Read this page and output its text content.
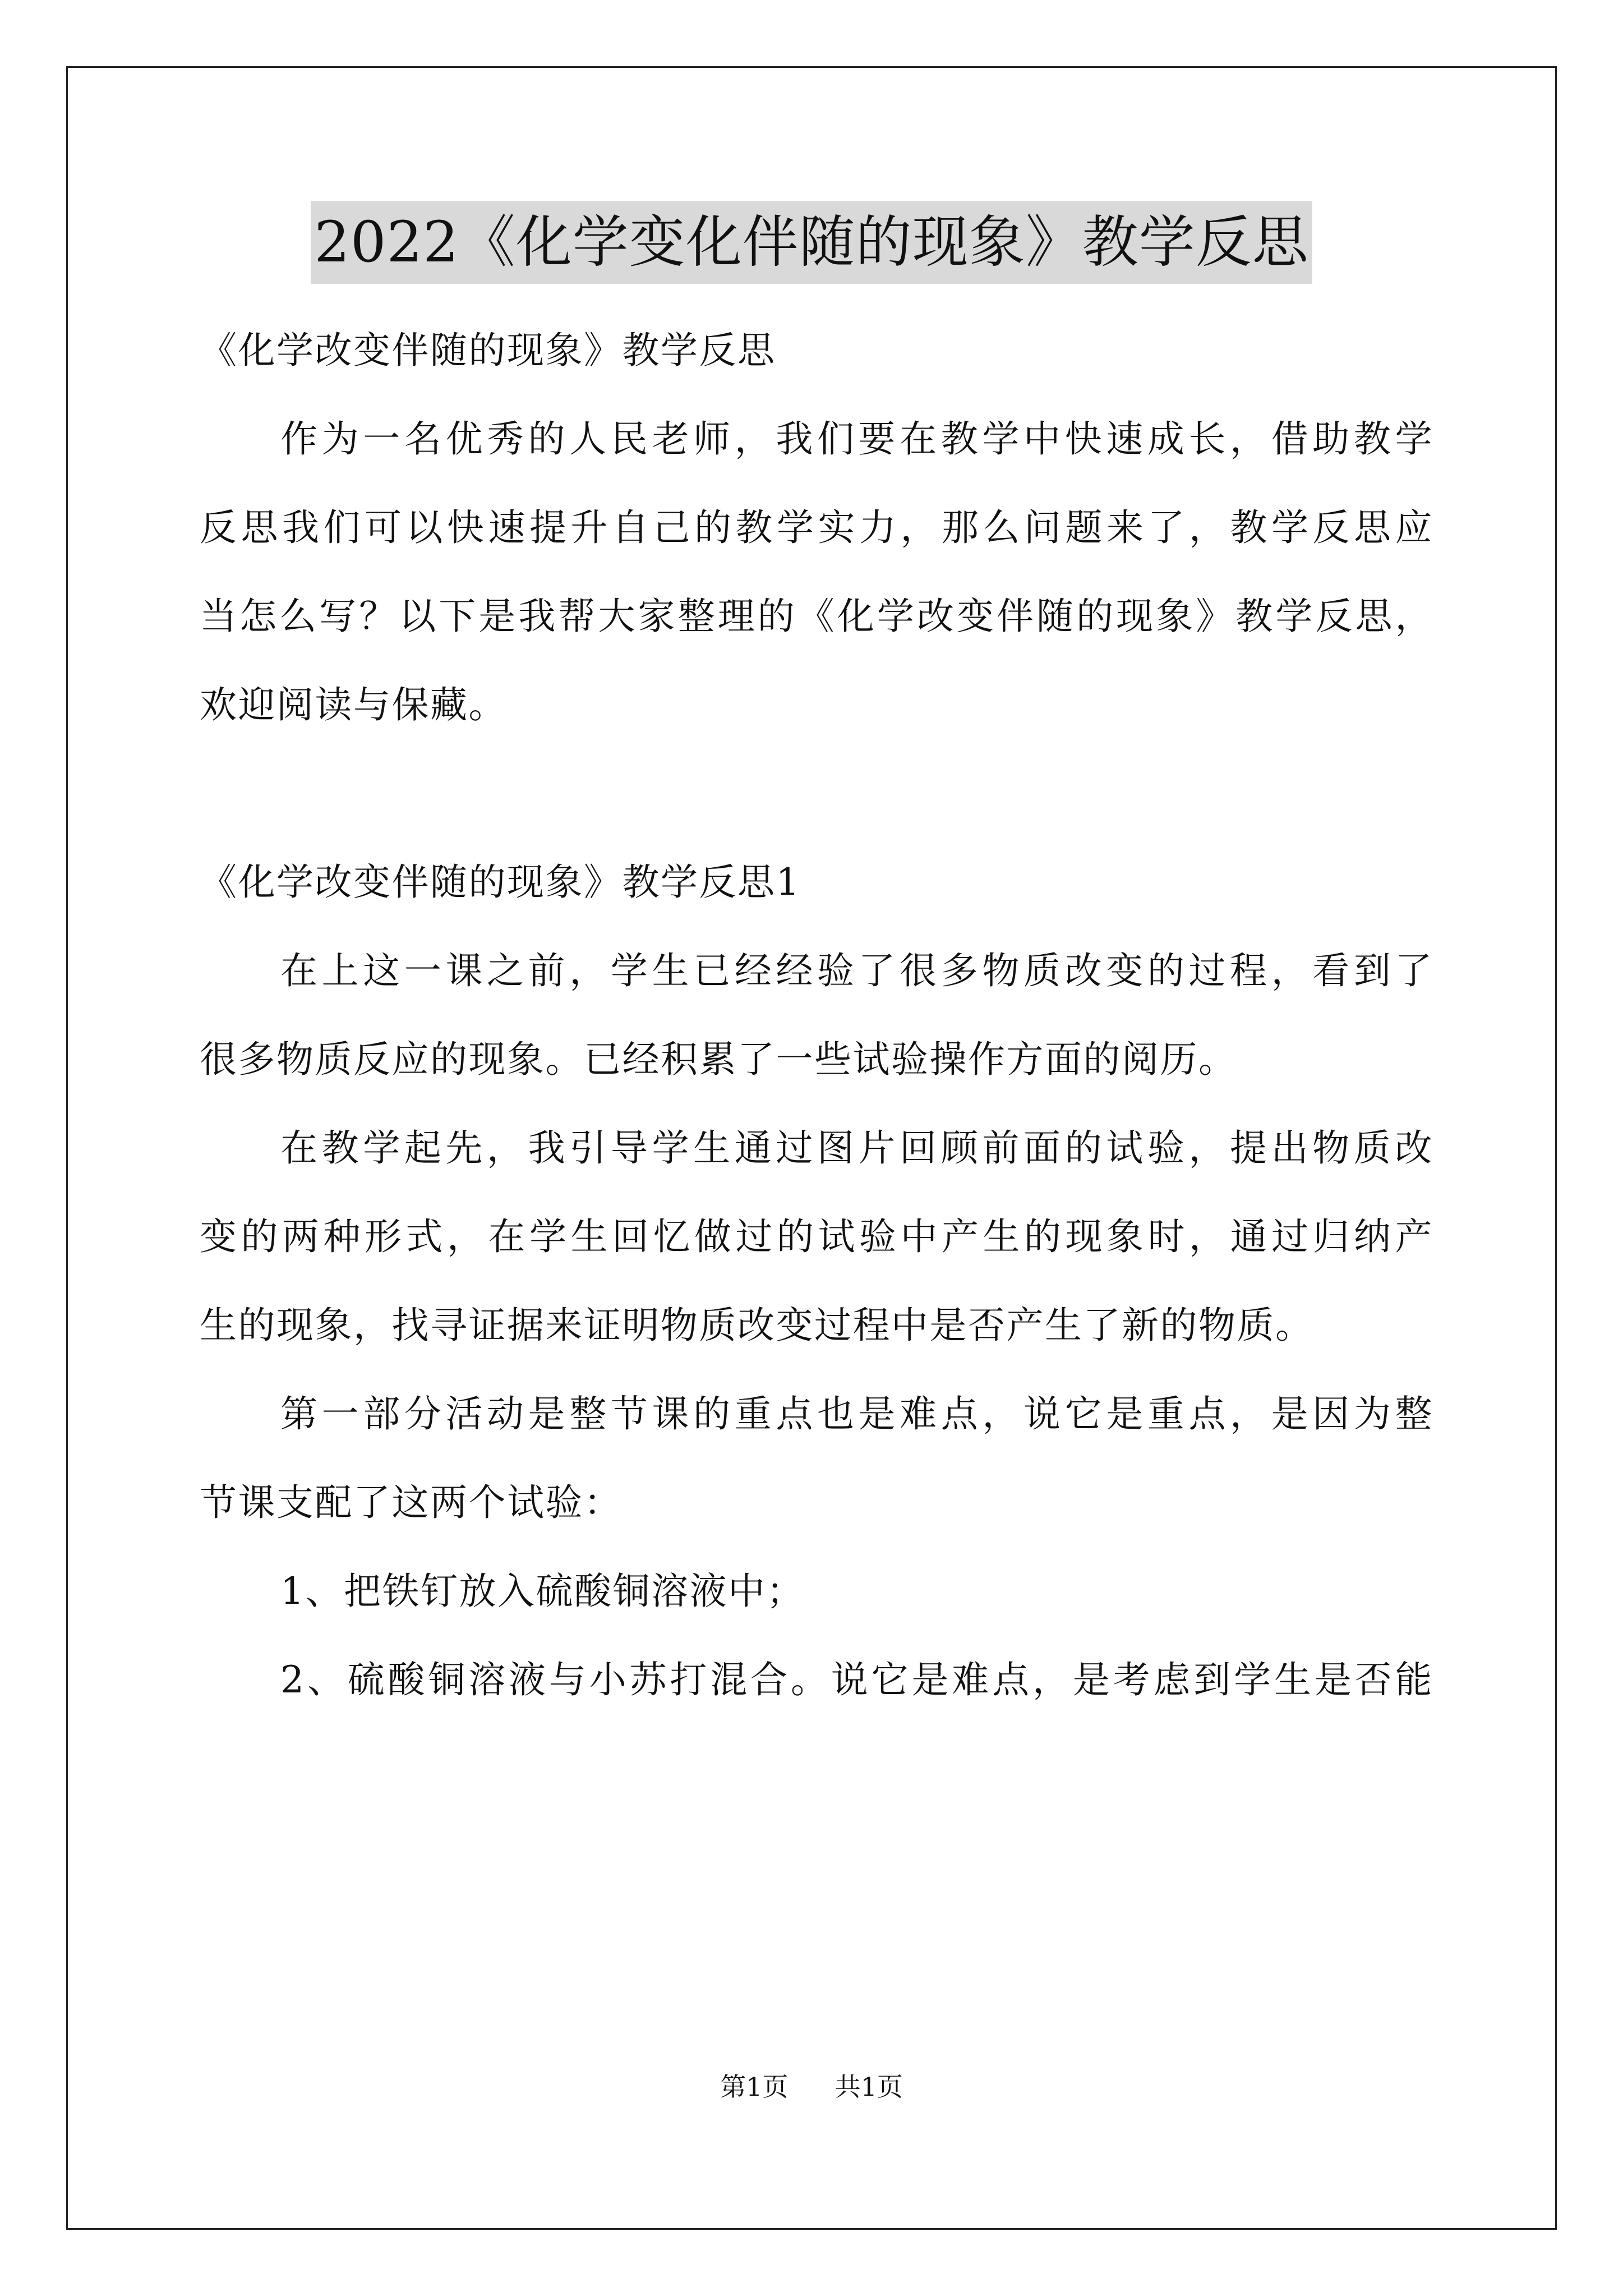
2022《化学变化伴随的现象》教学反思
《化学改变伴随的现象》教学反思
作为一名优秀的人民老师，我们要在教学中快速成长，借助教学
反思我们可以快速提升自己的教学实力，那么问题来了，教学反思应
当怎么写？以下是我帮大家整理的《化学改变伴随的现象》教学反思，
欢迎阅读与保藏。
《化学改变伴随的现象》教学反思1
在上这一课之前，学生已经经验了很多物质改变的过程，看到了
很多物质反应的现象。已经积累了一些试验操作方面的阅历。
在教学起先，我引导学生通过图片回顾前面的试验，提出物质改
变的两种形式，在学生回忆做过的试验中产生的现象时，通过归纳产
生的现象，找寻证据来证明物质改变过程中是否产生了新的物质。
第一部分活动是整节课的重点也是难点，说它是重点，是因为整
节课支配了这两个试验：
1、把铁钉放入硫酸铜溶液中；
2、硫酸铜溶液与小苏打混合。说它是难点，是考虑到学生是否能
第1页 共1页
